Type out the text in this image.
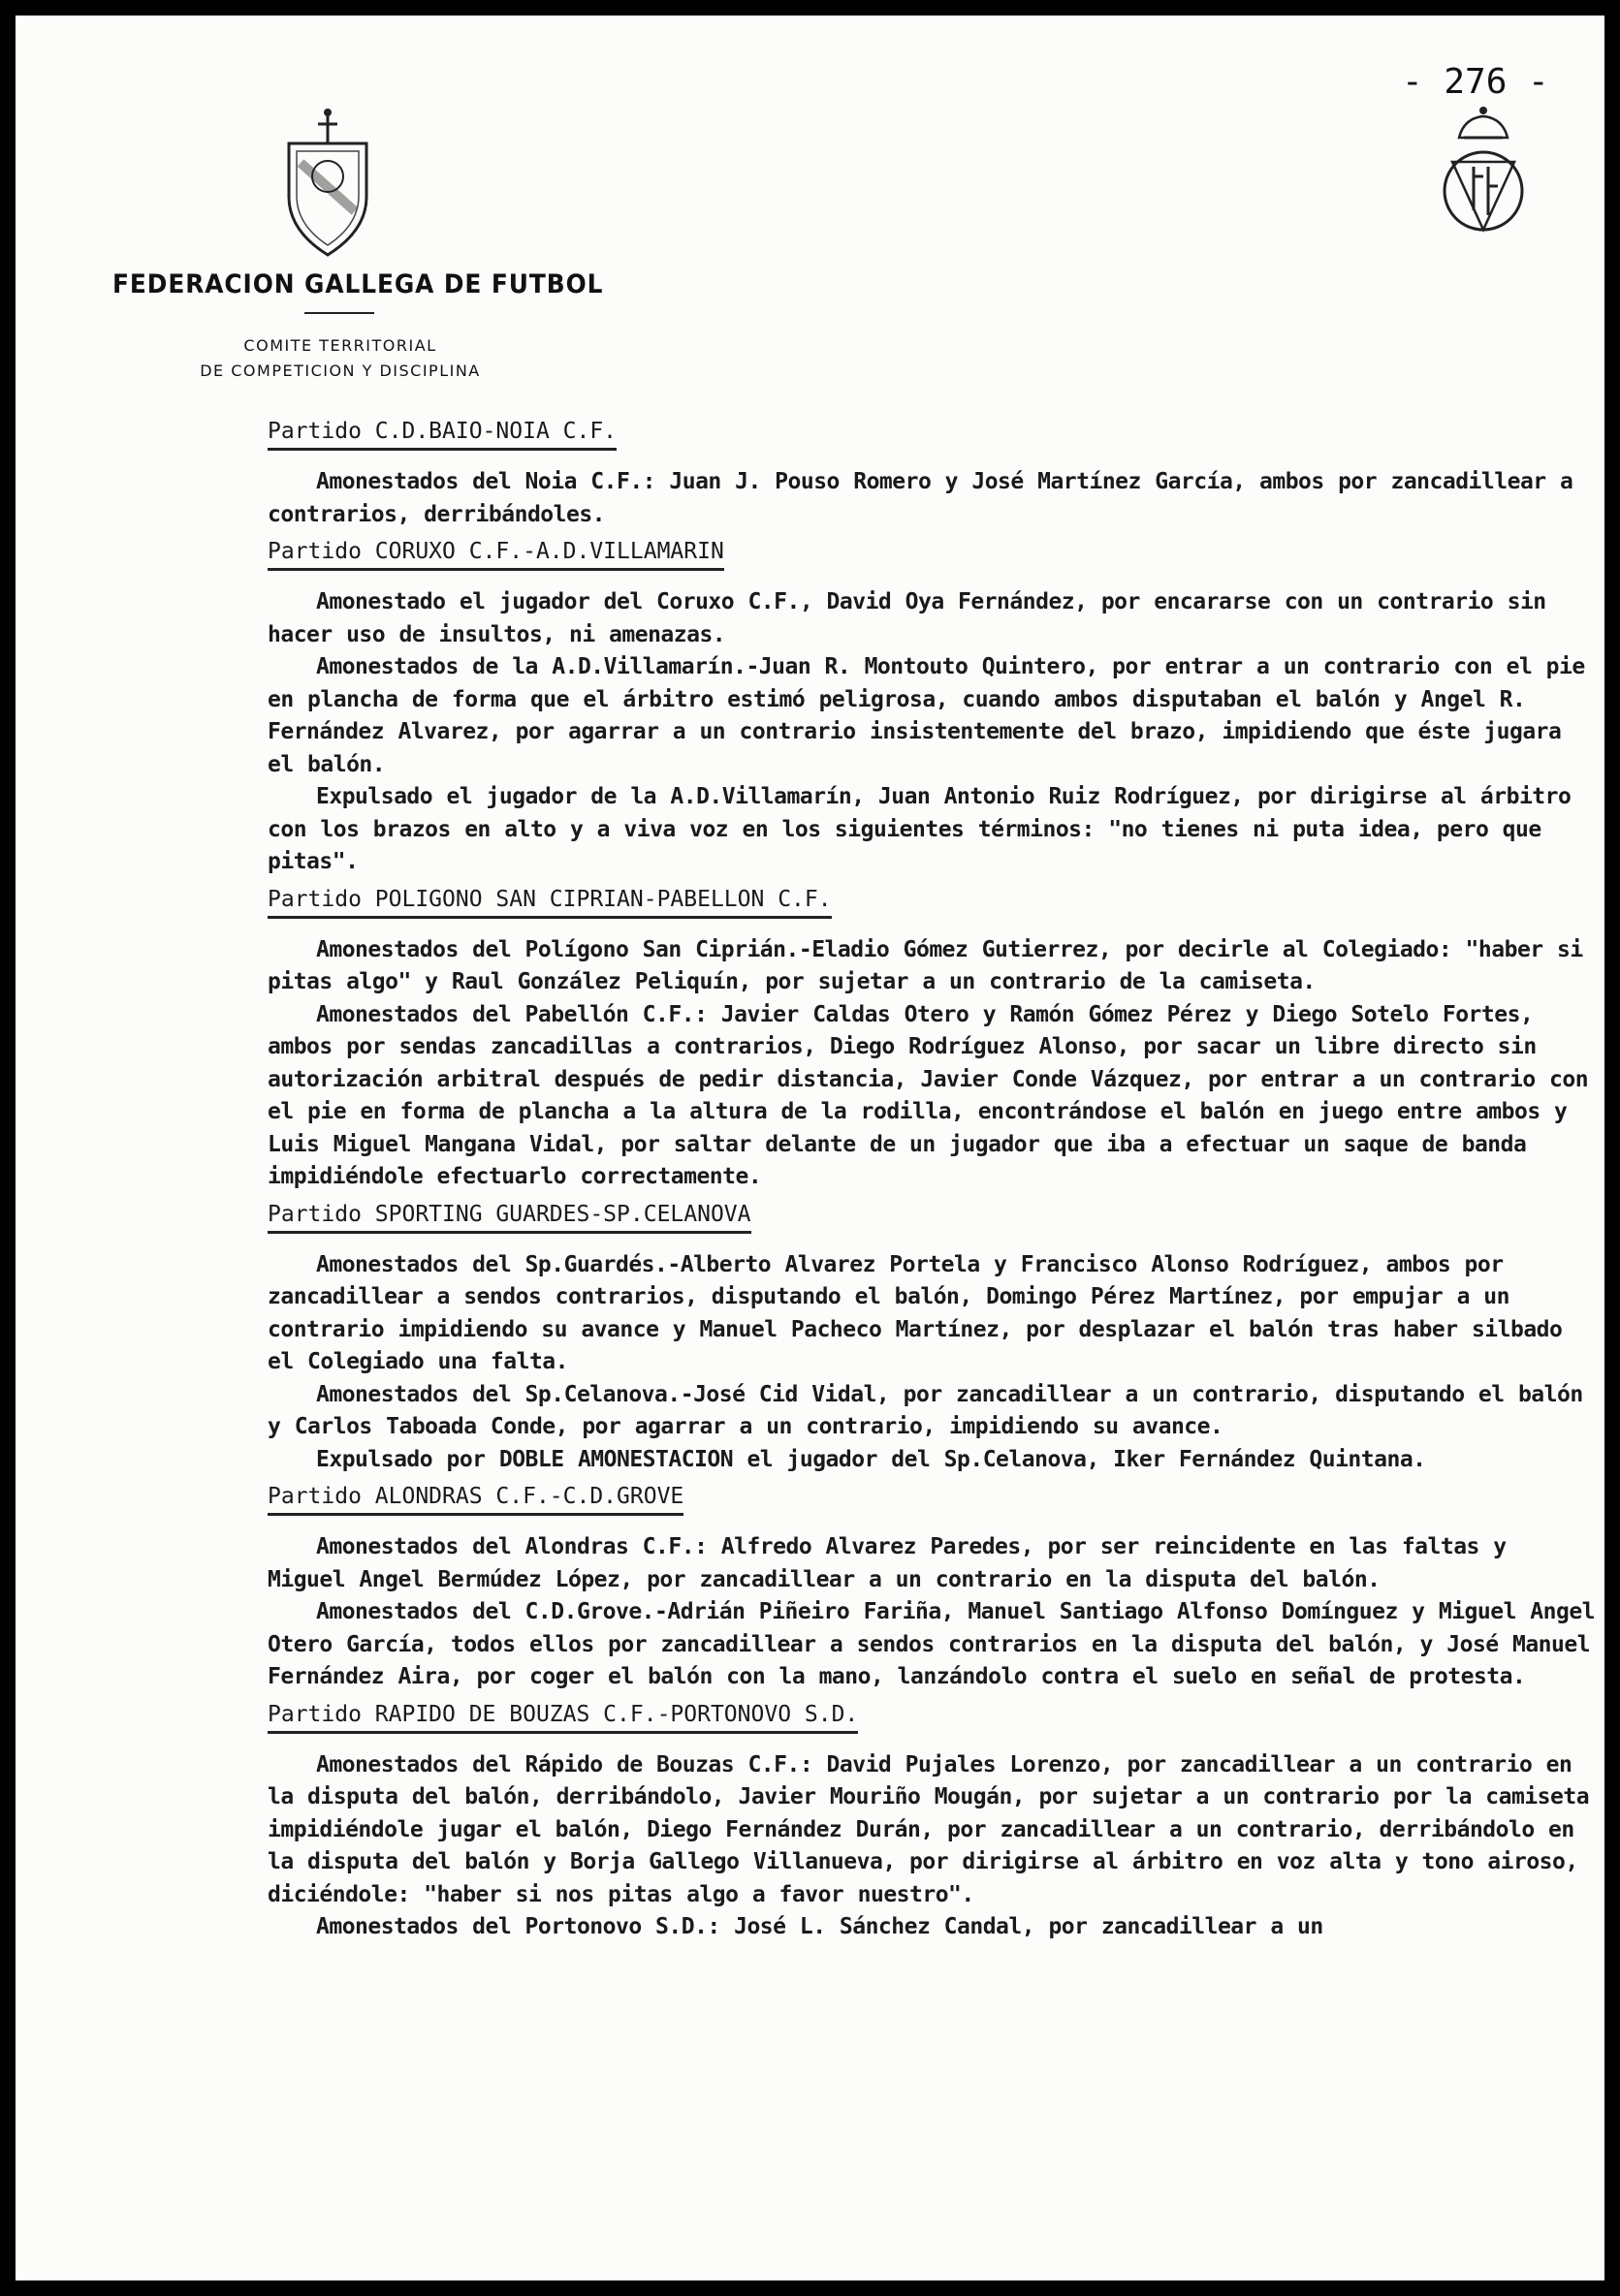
- 276 -
FEDERACION GALLEGA DE FUTBOL
COMITE TERRITORIAL
DE COMPETICION Y DISCIPLINA
Partido C.D.BAIO-NOIA C.F.

Amonestados del Noia C.F.: Juan J. Pouso Romero y José Martínez García, ambos por zancadillear a contrarios, derribándoles.

Partido CORUXO C.F.-A.D.VILLAMARIN

Amonestado el jugador del Coruxo C.F., David Oya Fernández, por encararse con un contrario sin hacer uso de insultos, ni amenazas.

Amonestados de la A.D.Villamarín.-Juan R. Montouto Quintero, por entrar a un contrario con el pie en plancha de forma que el árbitro estimó peligrosa, cuando ambos disputaban el balón y Angel R. Fernández Alvarez, por agarrar a un contrario insistentemente del brazo, impidiendo que éste jugara el balón.

Expulsado el jugador de la A.D.Villamarín, Juan Antonio Ruiz Rodríguez, por dirigirse al árbitro con los brazos en alto y a viva voz en los siguientes términos: "no tienes ni puta idea, pero que pitas".

Partido POLIGONO SAN CIPRIAN-PABELLON C.F.

Amonestados del Polígono San Ciprián.-Eladio Gómez Gutierrez, por decirle al Colegiado: "haber si pitas algo" y Raul González Peliquín, por sujetar a un contrario de la camiseta.

Amonestados del Pabellón C.F.: Javier Caldas Otero y Ramón Gómez Pérez y Diego Sotelo Fortes, ambos por sendas zancadillas a contrarios, Diego Rodríguez Alonso, por sacar un libre directo sin autorización arbitral después de pedir distancia, Javier Conde Vázquez, por entrar a un contrario con el pie en forma de plancha a la altura de la rodilla, encontrándose el balón en juego entre ambos y Luis Miguel Mangana Vidal, por saltar delante de un jugador que iba a efectuar un saque de banda impidiéndole efectuarlo correctamente.

Partido SPORTING GUARDES-SP.CELANOVA

Amonestados del Sp.Guardés.-Alberto Alvarez Portela y Francisco Alonso Rodríguez, ambos por zancadillear a sendos contrarios, disputando el balón, Domingo Pérez Martínez, por empujar a un contrario impidiendo su avance y Manuel Pacheco Martínez, por desplazar el balón tras haber silbado el Colegiado una falta.

Amonestados del Sp.Celanova.-José Cid Vidal, por zancadillear a un contrario, disputando el balón y Carlos Taboada Conde, por agarrar a un contrario, impidiendo su avance.

Expulsado por DOBLE AMONESTACION el jugador del Sp.Celanova, Iker Fernández Quintana.

Partido ALONDRAS C.F.-C.D.GROVE

Amonestados del Alondras C.F.: Alfredo Alvarez Paredes, por ser reincidente en las faltas y Miguel Angel Bermúdez López, por zancadillear a un contrario en la disputa del balón.

Amonestados del C.D.Grove.-Adrián Piñeiro Fariña, Manuel Santiago Alfonso Domínguez y Miguel Angel Otero García, todos ellos por zancadillear a sendos contrarios en la disputa del balón, y José Manuel Fernández Aira, por coger el balón con la mano, lanzándolo contra el suelo en señal de protesta.

Partido RAPIDO DE BOUZAS C.F.-PORTONOVO S.D.

Amonestados del Rápido de Bouzas C.F.: David Pujales Lorenzo, por zancadillear a un contrario en la disputa del balón, derribándolo, Javier Mouriño Mougán, por sujetar a un contrario por la camiseta impidiéndole jugar el balón, Diego Fernández Durán, por zancadillear a un contrario, derribándolo en la disputa del balón y Borja Gallego Villanueva, por dirigirse al árbitro en voz alta y tono airoso, diciéndole: "haber si nos pitas algo a favor nuestro".

Amonestados del Portonovo S.D.: José L. Sánchez Candal, por zancadillear a un
